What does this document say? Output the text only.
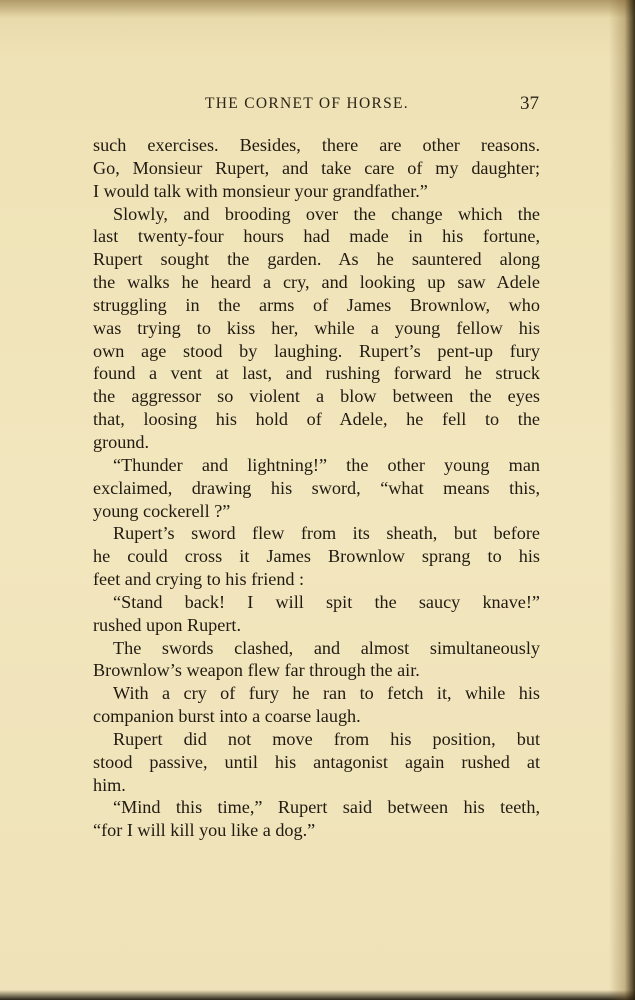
THE CORNET OF HORSE.	37
such exercises. Besides, there are other reasons.
Go, Monsieur Rupert, and take care of my daughter;
I would talk with monsieur your grandfather.”
Slowly, and brooding over the change which the
last twenty-four hours had made in his fortune,
Rupert sought the garden. As he sauntered along
the walks he heard a cry, and looking up saw Adele
struggling in the arms of James Brownlow, who
was trying to kiss her, while a young fellow his
own age stood by laughing. Rupert’s pent-up fury
found a vent at last, and rushing forward he struck
the aggressor so violent a blow between the eyes
that, loosing his hold of Adele, he fell to the
ground.
“Thunder and lightning!” the other young man
exclaimed, drawing his sword, “what means this,
young cockerell ?”
Rupert’s sword flew from its sheath, but before
he could cross it James Brownlow sprang to his
feet and crying to his friend :
“Stand back! I will spit the saucy knave!”
rushed upon Rupert.
The swords clashed, and almost simultaneously
Brownlow’s weapon flew far through the air.
With a cry of fury he ran to fetch it, while his
companion burst into a coarse laugh.
Rupert did not move from his position, but
stood passive, until his antagonist again rushed at
him.
“Mind this time,” Rupert said between his teeth,
“for I will kill you like a dog.”
